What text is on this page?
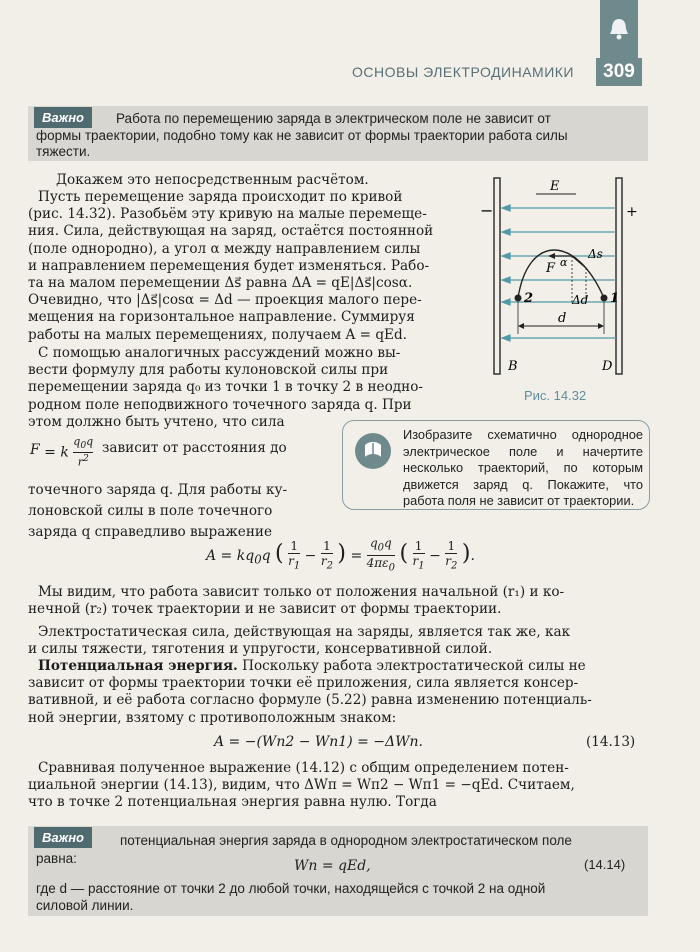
ОСНОВЫ ЭЛЕКТРОДИНАМИКИ	309
Важно	Работа по перемещению заряда в электрическом поле не зависит от
формы траектории, подобно тому как не зависит от формы траектории работа силы
тяжести.

Докажем это непосредственным расчётом.

Пусть перемещение заряда происходит по кривой
(рис. 14.32). Разобьём эту кривую на малые перемеще-
ния. Сила, действующая на заряд, остаётся постоянной
(поле однородно), а угол α между направлением силы
и направлением перемещения будет изменяться. Рабо-
та на малом перемещении Δs⃗ равна ΔA = qE|Δs⃗|cosα.
Очевидно, что |Δs⃗|cosα = Δd — проекция малого пере-
мещения на горизонтальное направление. Суммируя
работы на малых перемещениях, получаем A = qEd.
С помощью аналогичных рассуждений можно вы-
вести формулу для работы кулоновской силы при
перемещении заряда q₀ из точки 1 в точку 2 в неодно-
родном поле неподвижного точечного заряда q. При
этом должно быть учтено, что сила
F = k $\frac{q_0q}{r^2}$ зависит от расстояния до
точечного заряда q. Для работы ку-
лоновской силы в поле точечного
заряда q справедливо выражение
$A = kq_0q$ ( $\frac{1}{r_1} - \frac{1}{r_2}$ ) = $\frac{q_0q}{4\pi\varepsilon_0}$ ( $\frac{1}{r_1} - \frac{1}{r_2}$ ).
Мы видим, что работа зависит только от положения начальной (r₁) и ко-
нечной (r₂) точек траектории и не зависит от формы траектории.
Электростатическая сила, действующая на заряды, является так же, как
и силы тяжести, тяготения и упругости, консервативной силой.
Потенциальная энергия. Поскольку работа электростатической силы не
зависит от формы траектории точки её приложения, сила является консер-
вативной, и её работа согласно формуле (5.22) равна изменению потенциаль-
ной энергии, взятому с противоположным знаком:
A = −(Wп2 − Wп1) = −ΔWп.	(14.13)
Сравнивая полученное выражение (14.12) с общим определением потен-
циальной энергии (14.13), видим, что ΔWп = Wп2 − Wп1 = −qEd. Считаем,
что в точке 2 потенциальная энергия равна нулю. Тогда
E
−	+
2	1
F α
Δs
Δd
d
B	D
Рис. 14.32
Изобразите схематично однородное электрическое поле и начертите несколько траекторий, по которым движется заряд q. Покажите, что работа поля не зависит от траектории.
Важно	потенциальная энергия заряда в однородном электростатическом поле
равна:	Wп = qEd,	(14.14)
где d — расстояние от точки 2 до любой точки, находящейся с точкой 2 на одной
силовой линии.
